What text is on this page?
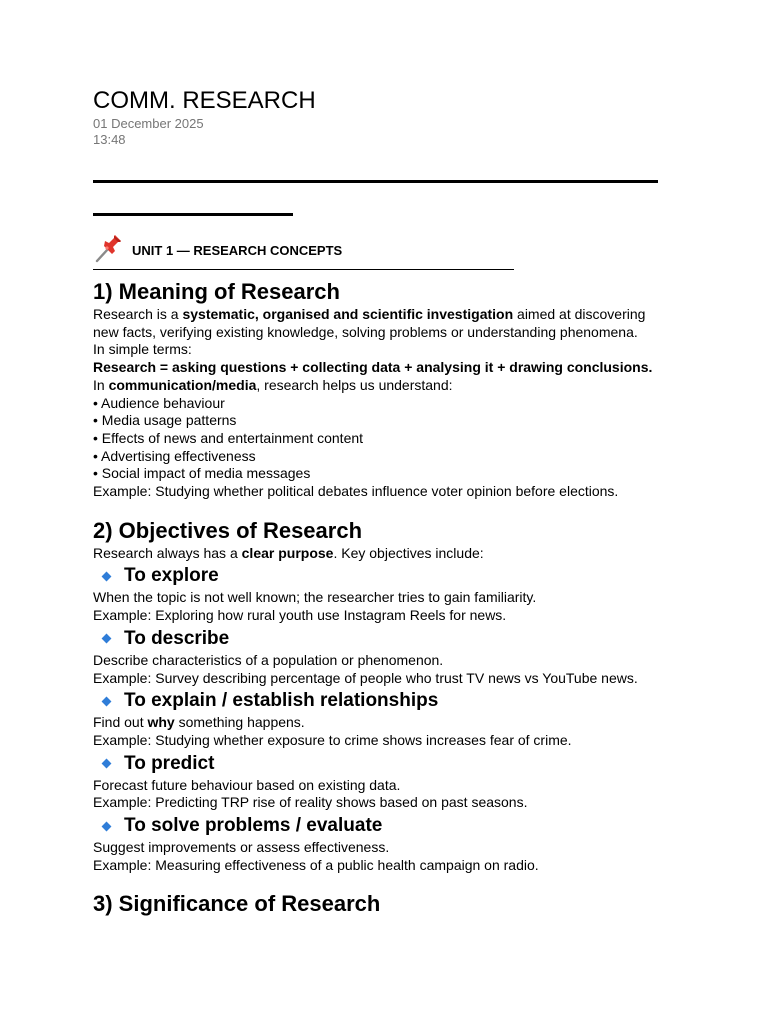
COMM. RESEARCH
01 December 2025
13:48
UNIT 1 — RESEARCH CONCEPTS
1) Meaning of Research

Research is a systematic, organised and scientific investigation aimed at discovering new facts, verifying existing knowledge, solving problems or understanding phenomena.

In simple terms:

Research = asking questions + collecting data + analysing it + drawing conclusions.

In communication/media, research helps us understand:

• Audience behaviour

• Media usage patterns

• Effects of news and entertainment content

• Advertising effectiveness

• Social impact of media messages

Example: Studying whether political debates influence voter opinion before elections.

2) Objectives of Research

Research always has a clear purpose. Key objectives include:

To explore

When the topic is not well known; the researcher tries to gain familiarity.

Example: Exploring how rural youth use Instagram Reels for news.

To describe

Describe characteristics of a population or phenomenon.

Example: Survey describing percentage of people who trust TV news vs YouTube news.

To explain / establish relationships

Find out why something happens.

Example: Studying whether exposure to crime shows increases fear of crime.

To predict

Forecast future behaviour based on existing data.

Example: Predicting TRP rise of reality shows based on past seasons.

To solve problems / evaluate

Suggest improvements or assess effectiveness.

Example: Measuring effectiveness of a public health campaign on radio.

3) Significance of Research
